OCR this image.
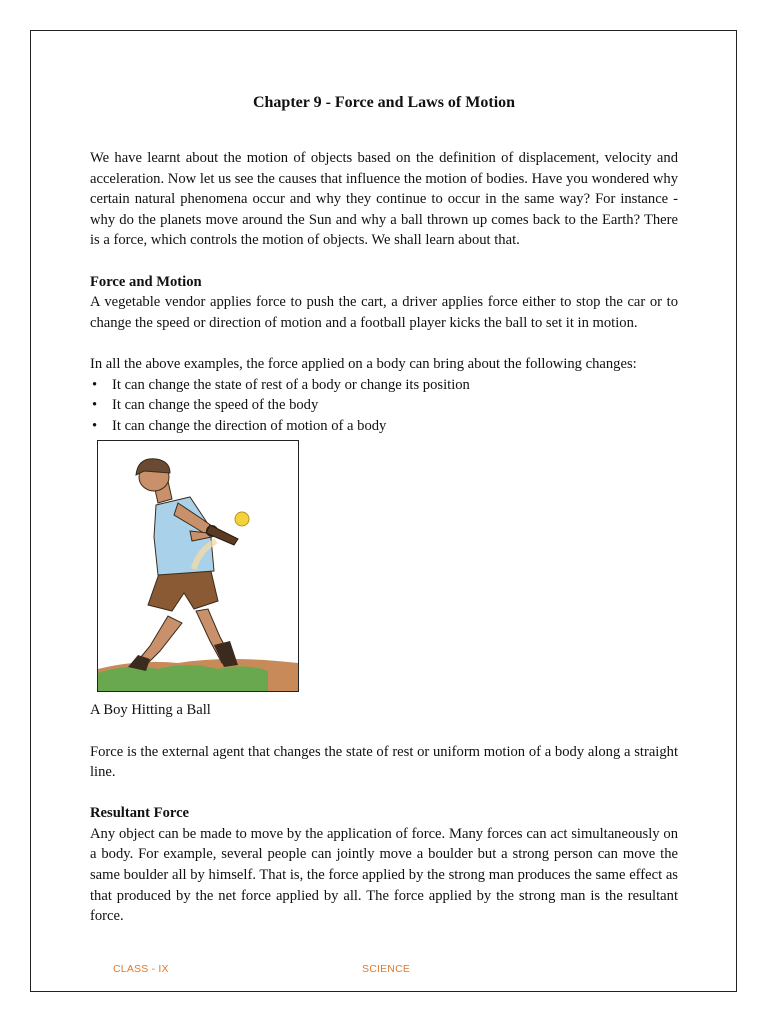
Chapter 9 - Force and Laws of Motion

We have learnt about the motion of objects based on the definition of displacement, velocity and acceleration. Now let us see the causes that influence the motion of bodies. Have you wondered why certain natural phenomena occur and why they continue to occur in the same way? For instance - why do the planets move around the Sun and why a ball thrown up comes back to the Earth? There is a force, which controls the motion of objects. We shall learn about that.

Force and Motion

A vegetable vendor applies force to push the cart, a driver applies force either to stop the car or to change the speed or direction of motion and a football player kicks the ball to set it in motion.

In all the above examples, the force applied on a body can bring about the following changes:

• It can change the state of rest of a body or change its position
• It can change the speed of the body
• It can change the direction of motion of a body
A Boy Hitting a Ball

Force is the external agent that changes the state of rest or uniform motion of a body along a straight line.

Resultant Force

Any object can be made to move by the application of force. Many forces can act simultaneously on a body. For example, several people can jointly move a boulder but a strong person can move the same boulder all by himself. That is, the force applied by the strong man produces the same effect as that produced by the net force applied by all. The force applied by the strong man is the resultant force.

CLASS - IX	SCIENCE
